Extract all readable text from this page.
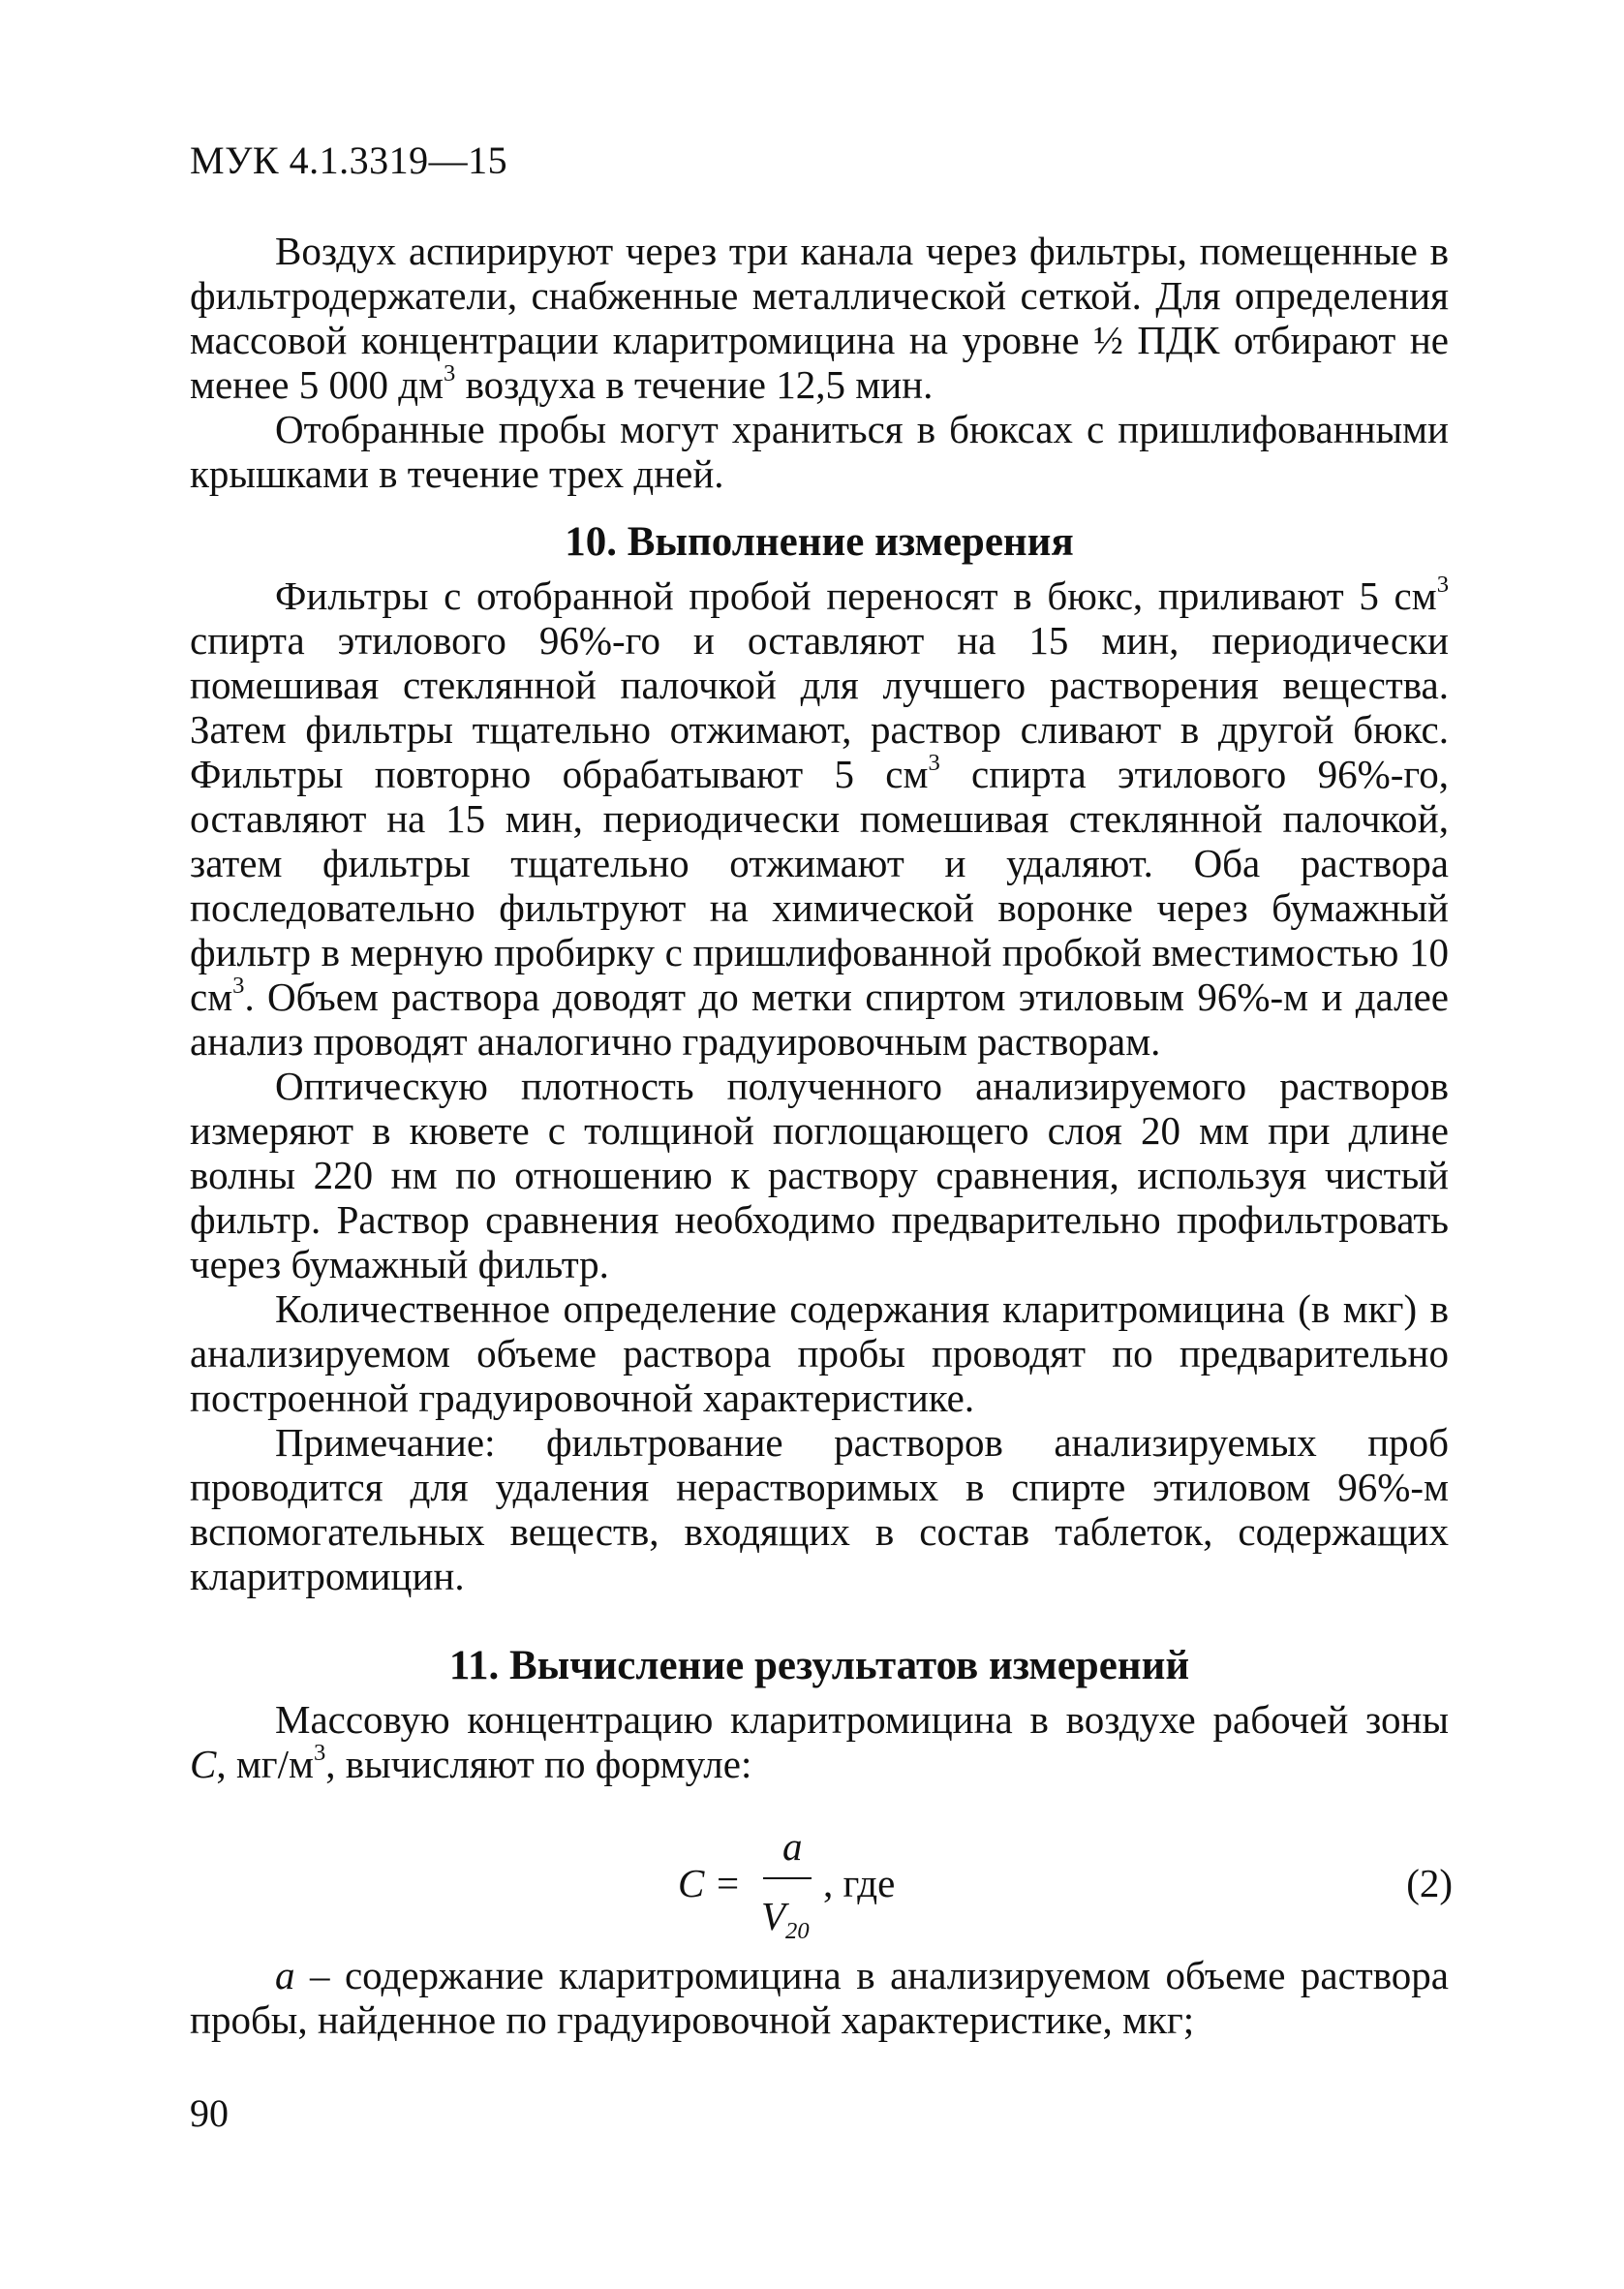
МУК 4.1.3319—15

Воздух аспирируют через три канала через фильтры, помещенные в фильтродержатели, снабженные металлической сеткой. Для определения массовой концентрации кларитромицина на уровне ½ ПДК отбирают не менее 5 000 $дм^3$ воздуха в течение 12,5 мин.

Отобранные пробы могут храниться в бюксах с пришлифованными крышками в течение трех дней.

10. Выполнение измерения

Фильтры с отобранной пробой переносят в бюкс, приливают 5 $см^3$ спирта этилового 96%-го и оставляют на 15 мин, периодически помешивая стеклянной палочкой для лучшего растворения вещества. Затем фильтры тщательно отжимают, раствор сливают в другой бюкс. Фильтры повторно обрабатывают 5 $см^3$ спирта этилового 96%-го, оставляют на 15 мин, периодически помешивая стеклянной палочкой, затем фильтры тщательно отжимают и удаляют. Оба раствора последовательно фильтруют на химической воронке через бумажный фильтр в мерную пробирку с пришлифованной пробкой вместимостью 10 $см^3$. Объем раствора доводят до метки спиртом этиловым 96%-м и далее анализ проводят аналогично градуировочным растворам.

Оптическую плотность полученного анализируемого растворов измеряют в кювете с толщиной поглощающего слоя 20 мм при длине волны 220 нм по отношению к раствору сравнения, используя чистый фильтр. Раствор сравнения необходимо предварительно профильтровать через бумажный фильтр.

Количественное определение содержания кларитромицина (в мкг) в анализируемом объеме раствора пробы проводят по предварительно построенной градуировочной характеристике.

Примечание: фильтрование растворов анализируемых проб проводится для удаления нерастворимых в спирте этиловом 96%-м вспомогательных веществ, входящих в состав таблеток, содержащих кларитромицин.

11. Вычисление результатов измерений

Массовую концентрацию кларитромицина в воздухе рабочей зоны С, $мг/м^3$, вычисляют по формуле:

С =
а
$V_{20}$
, где	(2)

а – содержание кларитромицина в анализируемом объеме раствора пробы, найденное по градуировочной характеристике, мкг;

90
